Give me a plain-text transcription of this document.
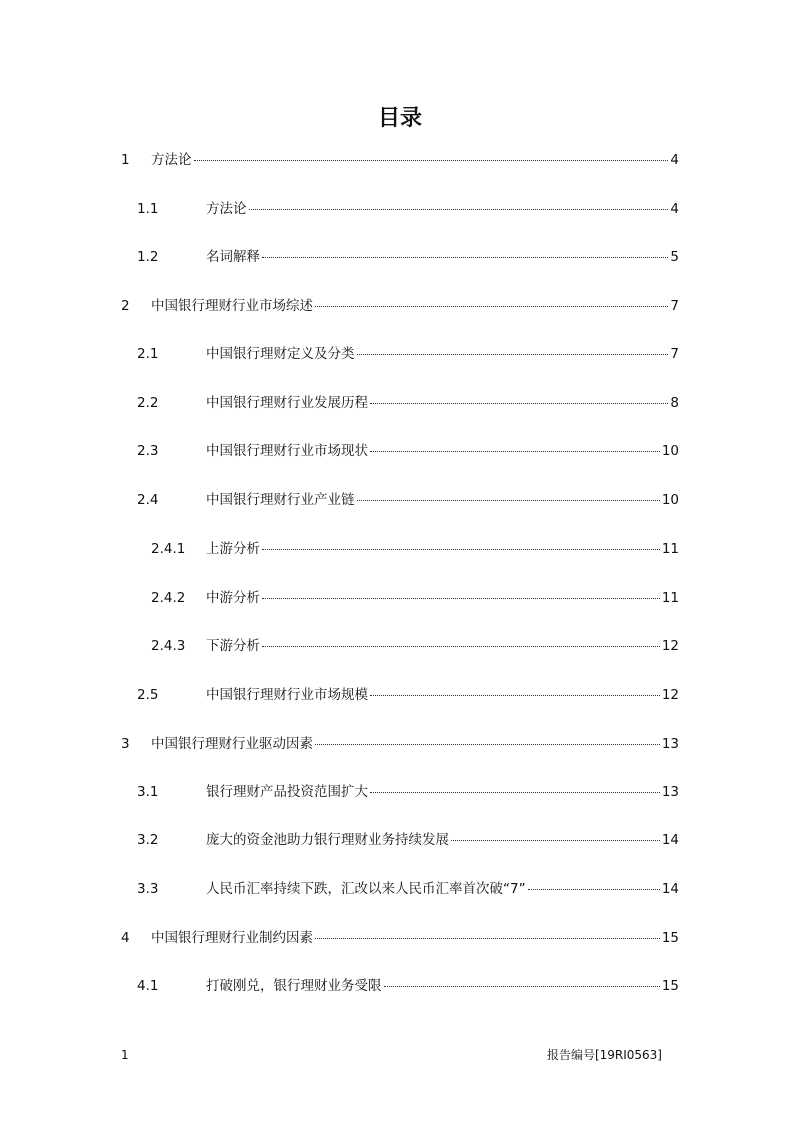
目录
1 方法论	4
1.1	方法论	4
1.2	名词解释	5
2 中国银行理财行业市场综述	7
2.1	中国银行理财定义及分类	7
2.2	中国银行理财行业发展历程	8
2.3	中国银行理财行业市场现状	10
2.4	中国银行理财行业产业链	10
2.4.1 上游分析	11
2.4.2 中游分析	11
2.4.3 下游分析	12
2.5	中国银行理财行业市场规模	12
3 中国银行理财行业驱动因素	13
3.1	银行理财产品投资范围扩大	13
3.2	庞大的资金池助力银行理财业务持续发展	14
3.3	人民币汇率持续下跌，汇改以来人民币汇率首次破“7”	14
4 中国银行理财行业制约因素	15
4.1	打破刚兑，银行理财业务受限	15
1	报告编号[19RI0563]
